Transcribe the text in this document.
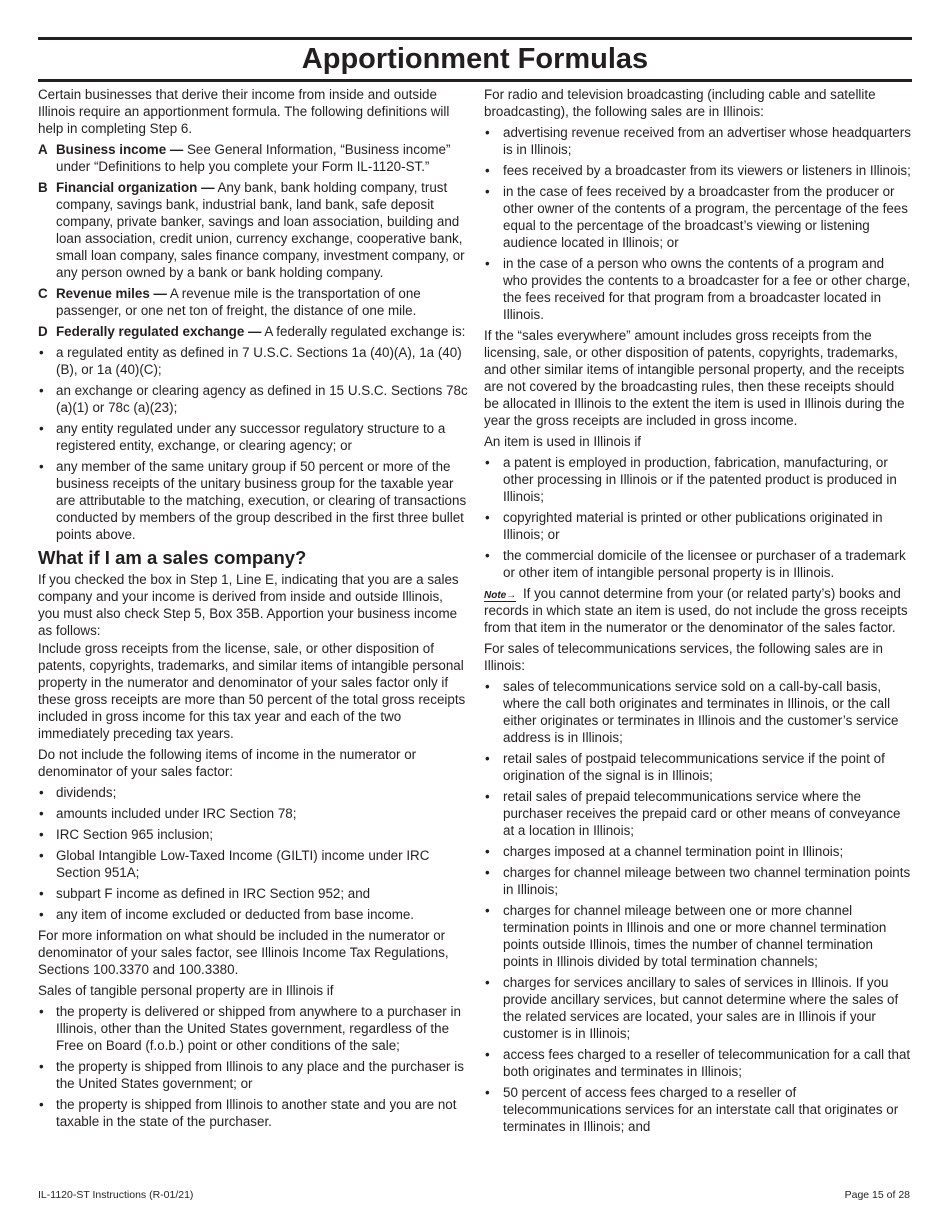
Apportionment Formulas

Certain businesses that derive their income from inside and outside Illinois require an apportionment formula. The following definitions will help in completing Step 6.

A Business income — See General Information, “Business income” under “Definitions to help you complete your Form IL-1120-ST.”
B Financial organization — Any bank, bank holding company, trust company, savings bank, industrial bank, land bank, safe deposit company, private banker, savings and loan association, building and loan association, credit union, currency exchange, cooperative bank, small loan company, sales finance company, investment company, or any person owned by a bank or bank holding company.
C Revenue miles — A revenue mile is the transportation of one passenger, or one net ton of freight, the distance of one mile.
D Federally regulated exchange — A federally regulated exchange is:
• a regulated entity as defined in 7 U.S.C. Sections 1a (40)(A), 1a (40) (B), or 1a (40)(C);
• an exchange or clearing agency as defined in 15 U.S.C. Sections 78c (a)(1) or 78c (a)(23);
• any entity regulated under any successor regulatory structure to a registered entity, exchange, or clearing agency; or
• any member of the same unitary group if 50 percent or more of the business receipts of the unitary business group for the taxable year are attributable to the matching, execution, or clearing of transactions conducted by members of the group described in the first three bullet points above.
What if I am a sales company?

If you checked the box in Step 1, Line E, indicating that you are a sales company and your income is derived from inside and outside Illinois, you must also check Step 5, Box 35B. Apportion your business income as follows:

Include gross receipts from the license, sale, or other disposition of patents, copyrights, trademarks, and similar items of intangible personal property in the numerator and denominator of your sales factor only if these gross receipts are more than 50 percent of the total gross receipts included in gross income for this tax year and each of the two immediately preceding tax years.

Do not include the following items of income in the numerator or denominator of your sales factor:

• dividends;
• amounts included under IRC Section 78;
• IRC Section 965 inclusion;
• Global Intangible Low-Taxed Income (GILTI) income under IRC Section 951A;
• subpart F income as defined in IRC Section 952; and
• any item of income excluded or deducted from base income.

For more information on what should be included in the numerator or denominator of your sales factor, see Illinois Income Tax Regulations, Sections 100.3370 and 100.3380.

Sales of tangible personal property are in Illinois if

• the property is delivered or shipped from anywhere to a purchaser in Illinois, other than the United States government, regardless of the Free on Board (f.o.b.) point or other conditions of the sale;
• the property is shipped from Illinois to any place and the purchaser is the United States government; or
• the property is shipped from Illinois to another state and you are not taxable in the state of the purchaser.

For radio and television broadcasting (including cable and satellite broadcasting), the following sales are in Illinois:

• advertising revenue received from an advertiser whose headquarters is in Illinois;
• fees received by a broadcaster from its viewers or listeners in Illinois;
• in the case of fees received by a broadcaster from the producer or other owner of the contents of a program, the percentage of the fees equal to the percentage of the broadcast’s viewing or listening audience located in Illinois; or
• in the case of a person who owns the contents of a program and who provides the contents to a broadcaster for a fee or other charge, the fees received for that program from a broadcaster located in Illinois.

If the “sales everywhere” amount includes gross receipts from the licensing, sale, or other disposition of patents, copyrights, trademarks, and other similar items of intangible personal property, and the receipts are not covered by the broadcasting rules, then these receipts should be allocated in Illinois to the extent the item is used in Illinois during the year the gross receipts are included in gross income.

An item is used in Illinois if

• a patent is employed in production, fabrication, manufacturing, or other processing in Illinois or if the patented product is produced in Illinois;
• copyrighted material is printed or other publications originated in Illinois; or
• the commercial domicile of the licensee or purchaser of a trademark or other item of intangible personal property is in Illinois.

Note→ If you cannot determine from your (or related party’s) books and records in which state an item is used, do not include the gross receipts from that item in the numerator or the denominator of the sales factor.

For sales of telecommunications services, the following sales are in Illinois:

• sales of telecommunications service sold on a call-by-call basis, where the call both originates and terminates in Illinois, or the call either originates or terminates in Illinois and the customer’s service address is in Illinois;
• retail sales of postpaid telecommunications service if the point of origination of the signal is in Illinois;
• retail sales of prepaid telecommunications service where the purchaser receives the prepaid card or other means of conveyance at a location in Illinois;
• charges imposed at a channel termination point in Illinois;
• charges for channel mileage between two channel termination points in Illinois;
• charges for channel mileage between one or more channel termination points in Illinois and one or more channel termination points outside Illinois, times the number of channel termination points in Illinois divided by total termination channels;
• charges for services ancillary to sales of services in Illinois. If you provide ancillary services, but cannot determine where the sales of the related services are located, your sales are in Illinois if your customer is in Illinois;
• access fees charged to a reseller of telecommunication for a call that both originates and terminates in Illinois;
• 50 percent of access fees charged to a reseller of telecommunications services for an interstate call that originates or terminates in Illinois; and
IL-1120-ST Instructions (R-01/21)	Page 15 of 28
